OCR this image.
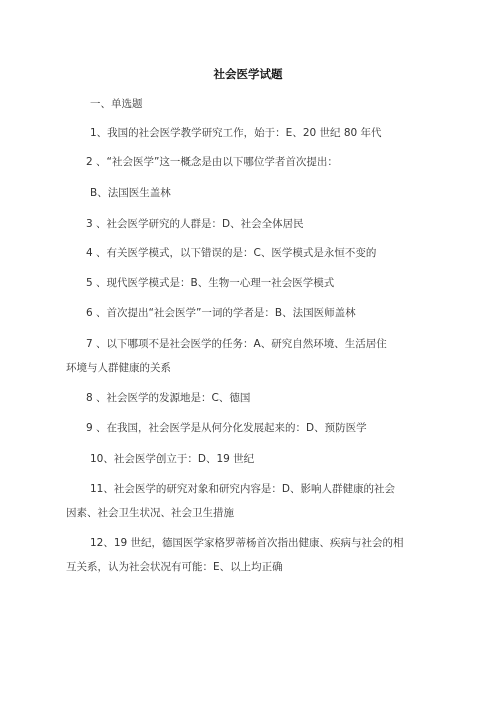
社会医学试题
一、单选题
1、我国的社会医学教学研究工作，始于：E、20 世纪 80 年代
2 、“社会医学”这一概念是由以下哪位学者首次提出：
B、法国医生盖林
3 、社会医学研究的人群是：D、社会全体居民
4 、有关医学模式，以下错误的是：C、医学模式是永恒不变的
5 、现代医学模式是：B、生物一心理一社会医学模式
6 、首次提出“社会医学”一词的学者是：B、法国医师盖林
7 、以下哪项不是社会医学的任务：A、研究自然环境、生活居住
环境与人群健康的关系
8 、社会医学的发源地是：C、德国
9 、在我国，社会医学是从何分化发展起来的：D、预防医学
10、社会医学创立于：D、19 世纪
11、社会医学的研究对象和研究内容是：D、影响人群健康的社会
因素、社会卫生状况、社会卫生措施
12、19 世纪，德国医学家格罗蒂杨首次指出健康、疾病与社会的相
互关系，认为社会状况有可能：E、以上均正确
